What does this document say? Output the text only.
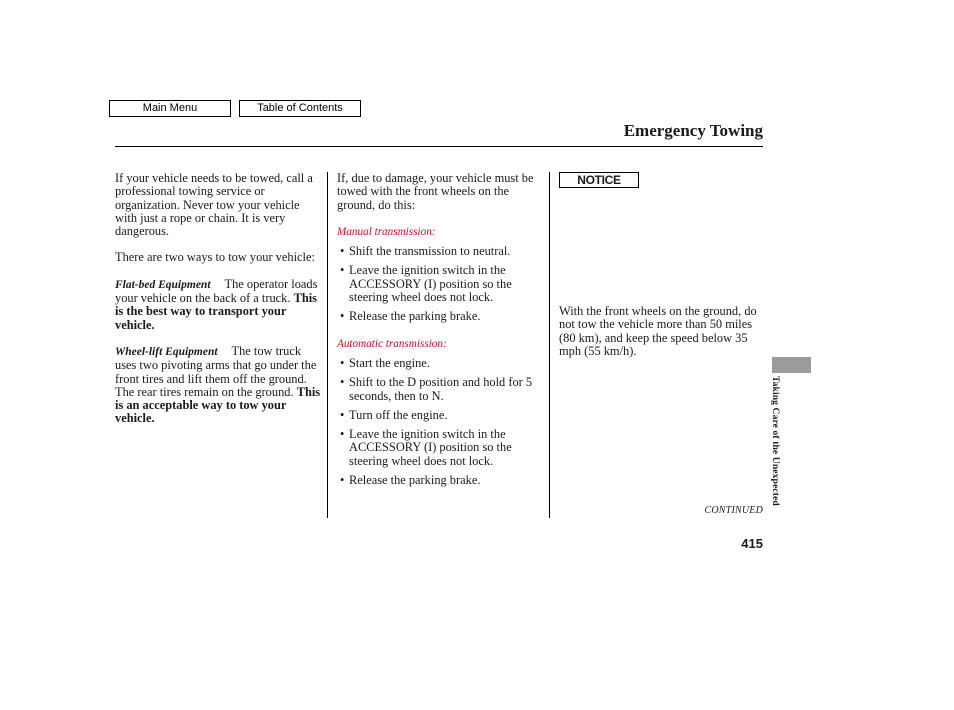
Main Menu	Table of Contents
Emergency Towing

If your vehicle needs to be towed, call a professional towing service or organization. Never tow your vehicle with just a rope or chain. It is very dangerous.

There are two ways to tow your vehicle:

Flat-bed Equipment The operator loads your vehicle on the back of a truck. This is the best way to transport your vehicle.

Wheel-lift Equipment The tow truck uses two pivoting arms that go under the front tires and lift them off the ground. The rear tires remain on the ground. This is an acceptable way to tow your vehicle.

If, due to damage, your vehicle must be towed with the front wheels on the ground, do this:

Manual transmission:

• Shift the transmission to neutral.
• Leave the ignition switch in the ACCESSORY (I) position so the steering wheel does not lock.
• Release the parking brake.

Automatic transmission:

• Start the engine.
• Shift to the D position and hold for 5 seconds, then to N.
• Turn off the engine.
• Leave the ignition switch in the ACCESSORY (I) position so the steering wheel does not lock.
• Release the parking brake.
NOTICE

With the front wheels on the ground, do not tow the vehicle more than 50 miles (80 km), and keep the speed below 35 mph (55 km/h).

Taking Care of the Unexpected
CONTINUED
415
